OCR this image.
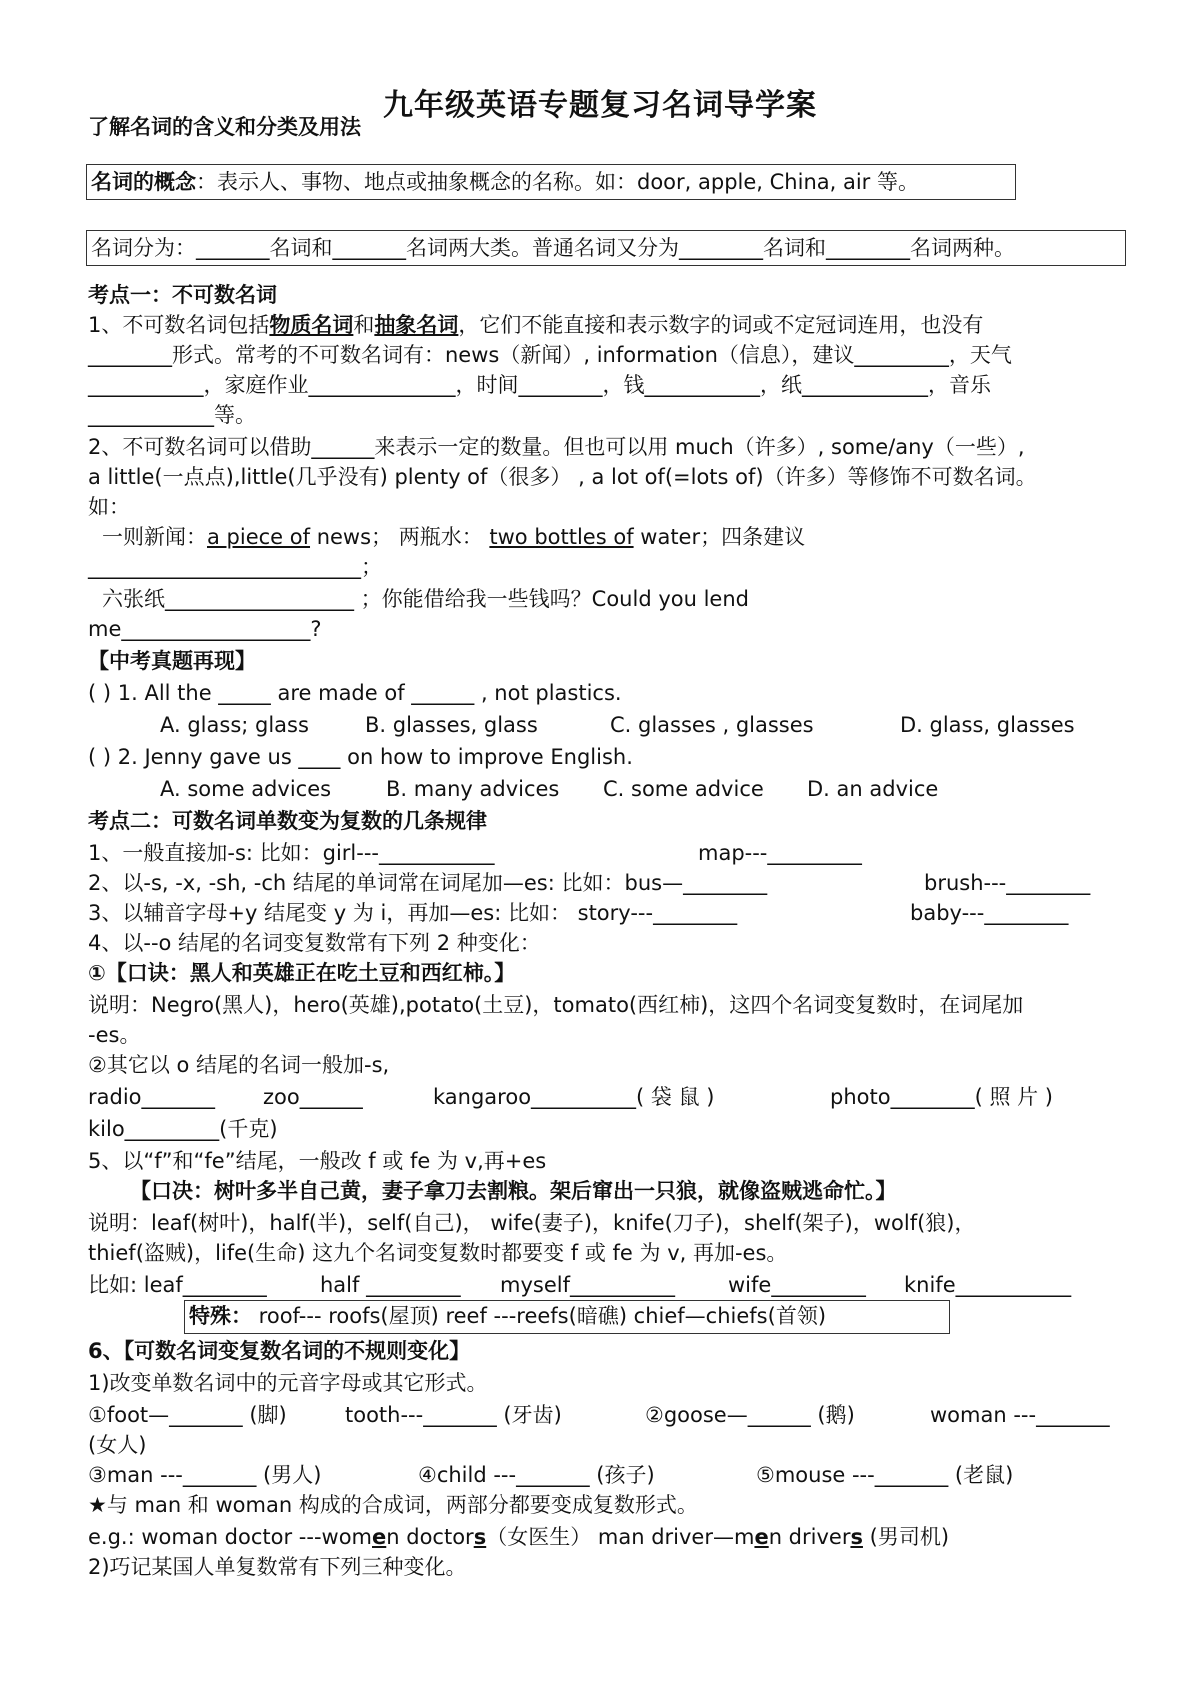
九年级英语专题复习名词导学案
了解名词的含义和分类及用法
名词的概念：表示人、事物、地点或抽象概念的名称。如：door, apple, China, air 等。
名词分为：_______名词和_______名词两大类。普通名词又分为________名词和________名词两种。
考点一：不可数名词
1、不可数名词包括物质名词和抽象名词，它们不能直接和表示数字的词或不定冠词连用，也没有
________形式。常考的不可数名词有：news（新闻）, information（信息），建议_________，天气
___________，家庭作业______________，时间________，钱___________，纸____________，音乐
____________等。
2、不可数名词可以借助______来表示一定的数量。但也可以用 much（许多）, some/any（一些）,
a little(一点点),little(几乎没有) plenty of（很多） , a lot of(=lots of)（许多）等修饰不可数名词。
如：
一则新闻：a piece of news； 两瓶水： two bottles of water；四条建议
__________________________；
六张纸__________________ ；你能借给我一些钱吗？Could you lend
me__________________?
【中考真题再现】
( ) 1. All the _____ are made of ______ , not plastics.
A. glass; glass	B. glasses, glass	C. glasses , glasses	D. glass, glasses
( ) 2. Jenny gave us ____ on how to improve English.
A. some advices	B. many advices C. some advice D. an advice
考点二：可数名词单数变为复数的几条规律
1、一般直接加-s: 比如：girl---___________	map---_________
2、以-s, -x, -sh, -ch 结尾的单词常在词尾加—es: 比如：bus—________	brush---________
3、以辅音字母+y 结尾变 y 为 i，再加—es: 比如： story---________	baby---________
4、以--o 结尾的名词变复数常有下列 2 种变化：
①【口诀：黑人和英雄正在吃土豆和西红柿。】
说明：Negro(黑人)，hero(英雄),potato(土豆)，tomato(西红柿)，这四个名词变复数时，在词尾加
-es。
②其它以 o 结尾的名词一般加-s,
radio_______ zoo______	kangaroo__________( 袋 鼠 )	photo________( 照 片 )
kilo_________(千克)
5、以“f”和“fe”结尾，一般改 f 或 fe 为 v,再+es
【口决：树叶多半自己黄，妻子拿刀去割粮。架后窜出一只狼，就像盗贼逃命忙。】
说明：leaf(树叶)，half(半)，self(自己)， wife(妻子)，knife(刀子)，shelf(架子)，wolf(狼)，
thief(盗贼)，life(生命) 这九个名词变复数时都要变 f 或 fe 为 v, 再加-es。
比如: leaf________	half _________ myself__________	wife_________ knife___________
特殊： roof--- roofs(屋顶) reef ---reefs(暗礁) chief—chiefs(首领)
6、【可数名词变复数名词的不规则变化】
1)改变单数名词中的元音字母或其它形式。
①foot—_______ (脚)	tooth---_______ (牙齿)	②goose—______ (鹅)	woman ---_______
(女人)
③man ---_______ (男人)	④child ---_______ (孩子)	⑤mouse ---_______ (老鼠)
★与 man 和 woman 构成的合成词，两部分都要变成复数形式。
e.g.: woman doctor ---women doctors（女医生） man driver—men drivers (男司机)
2)巧记某国人单复数常有下列三种变化。
